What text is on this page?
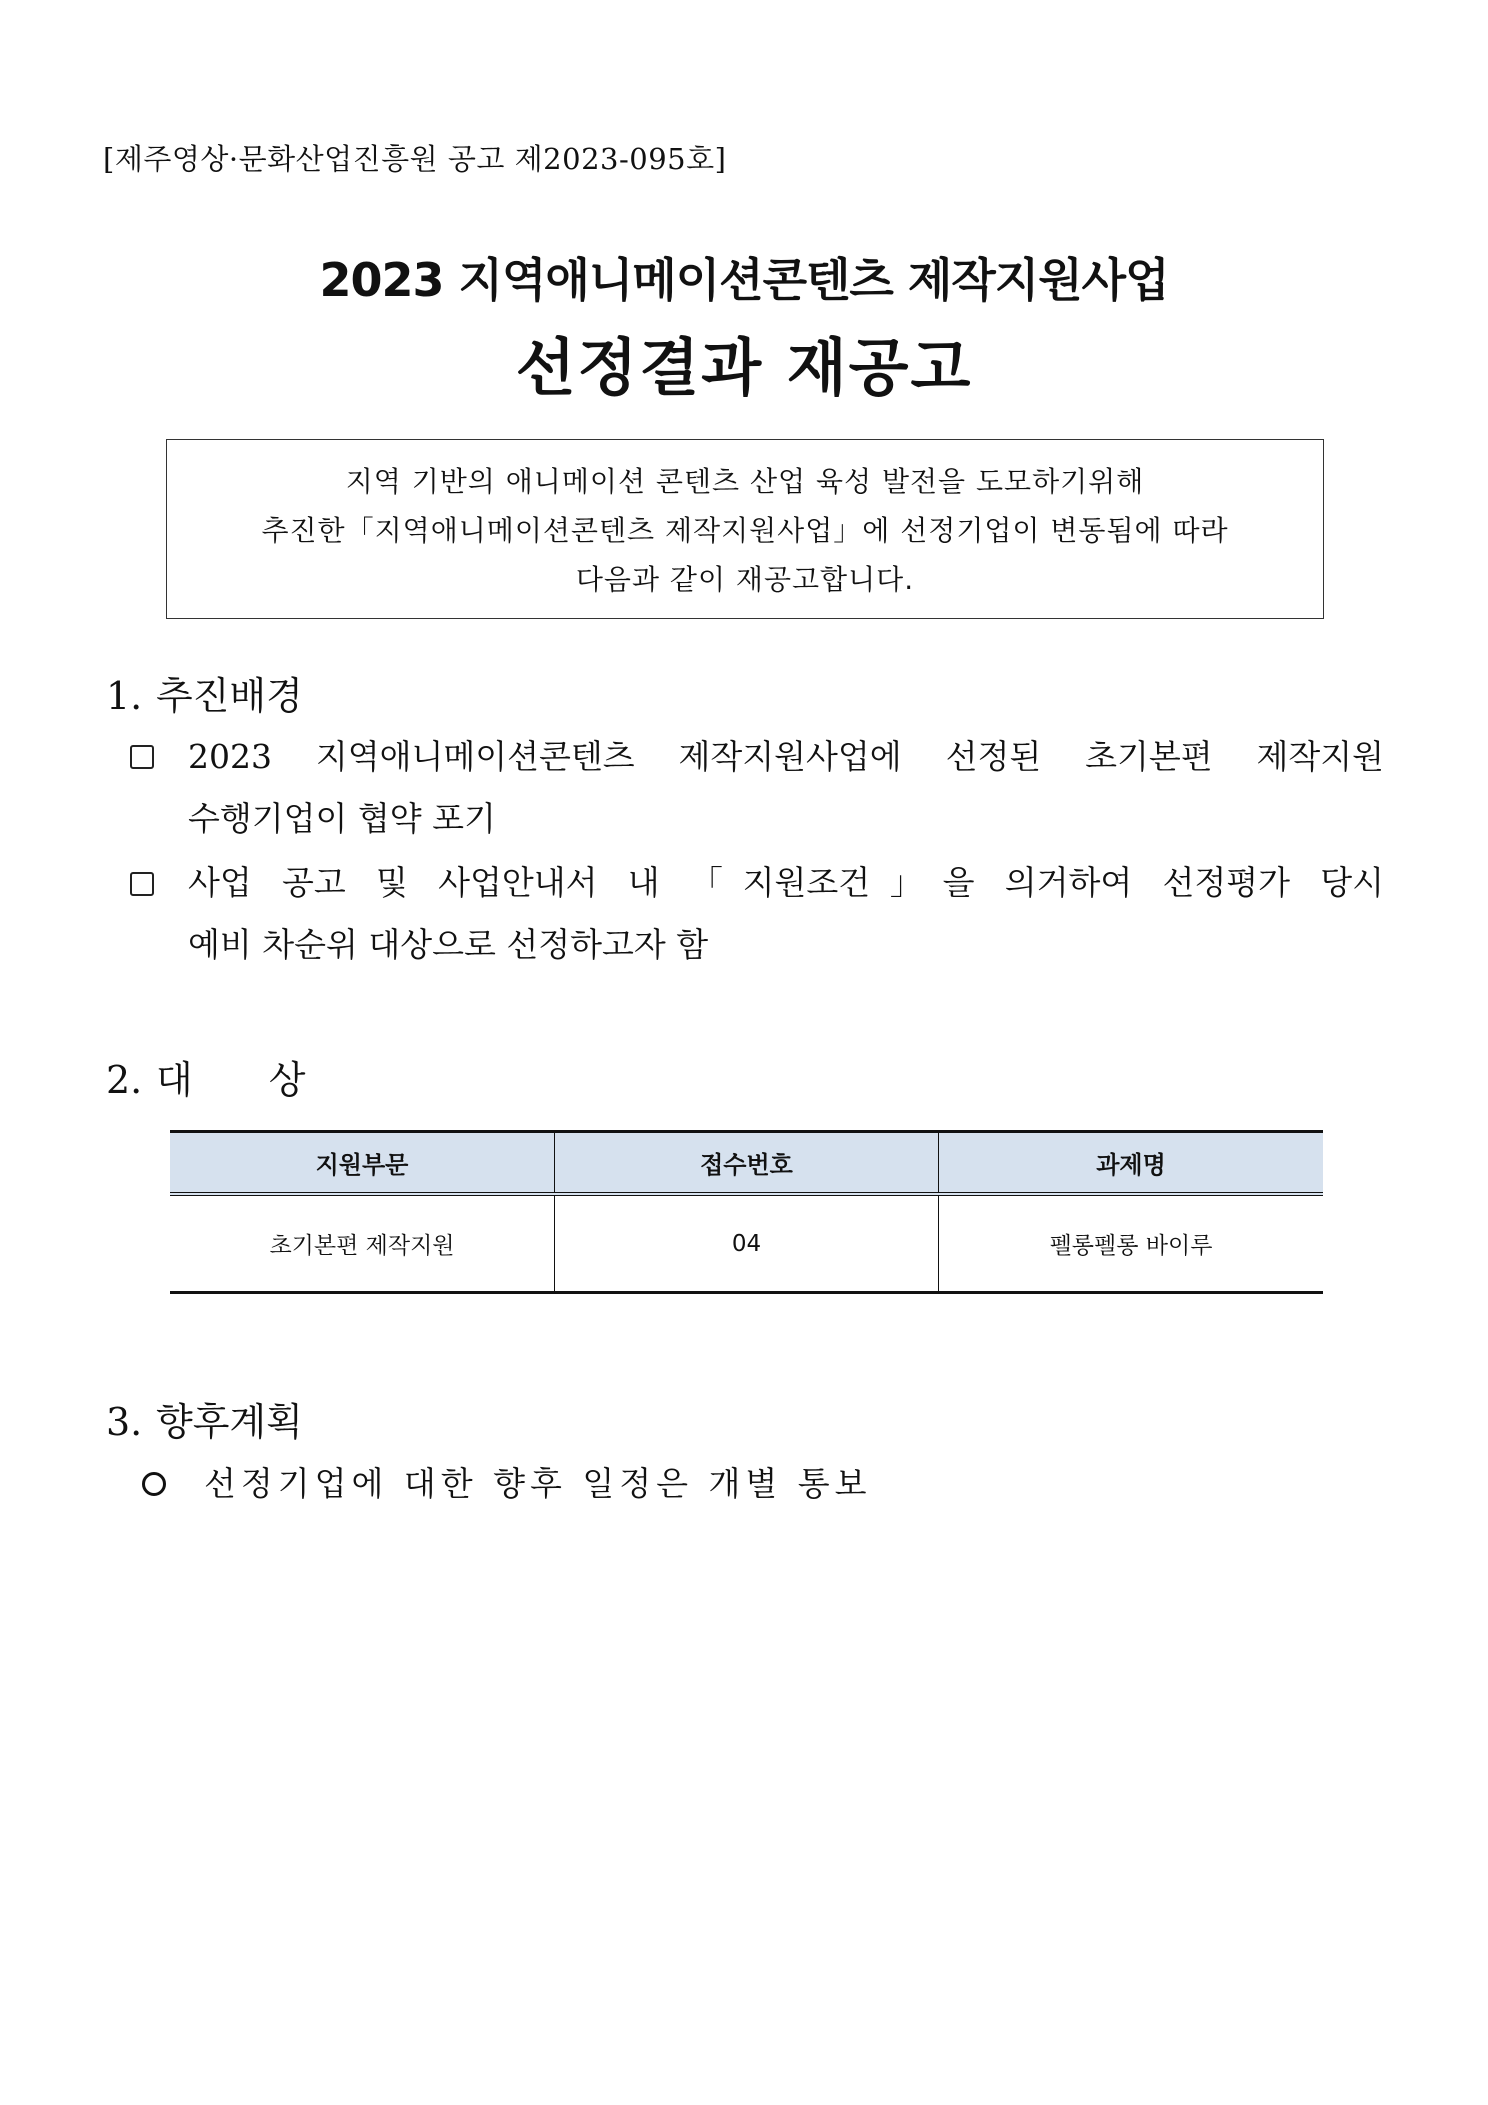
[제주영상·문화산업진흥원 공고 제2023-095호]
2023 지역애니메이션콘텐츠 제작지원사업
선정결과 재공고
지역 기반의 애니메이션 콘텐츠 산업 육성 발전을 도모하기위해
추진한「지역애니메이션콘텐츠 제작지원사업」에 선정기업이 변동됨에 따라
다음과 같이 재공고합니다.
1. 추진배경
2023 지역애니메이션콘텐츠 제작지원사업에 선정된 초기본편 제작지원
수행기업이 협약 포기
사업 공고 및 사업안내서 내 「지원조건」을 의거하여 선정평가 당시
예비 차순위 대상으로 선정하고자 함
2. 대　　상
지원부문	접수번호	과제명
초기본편 제작지원	04	펠롱펠롱 바이루
3. 향후계획
선정기업에 대한 향후 일정은 개별 통보
